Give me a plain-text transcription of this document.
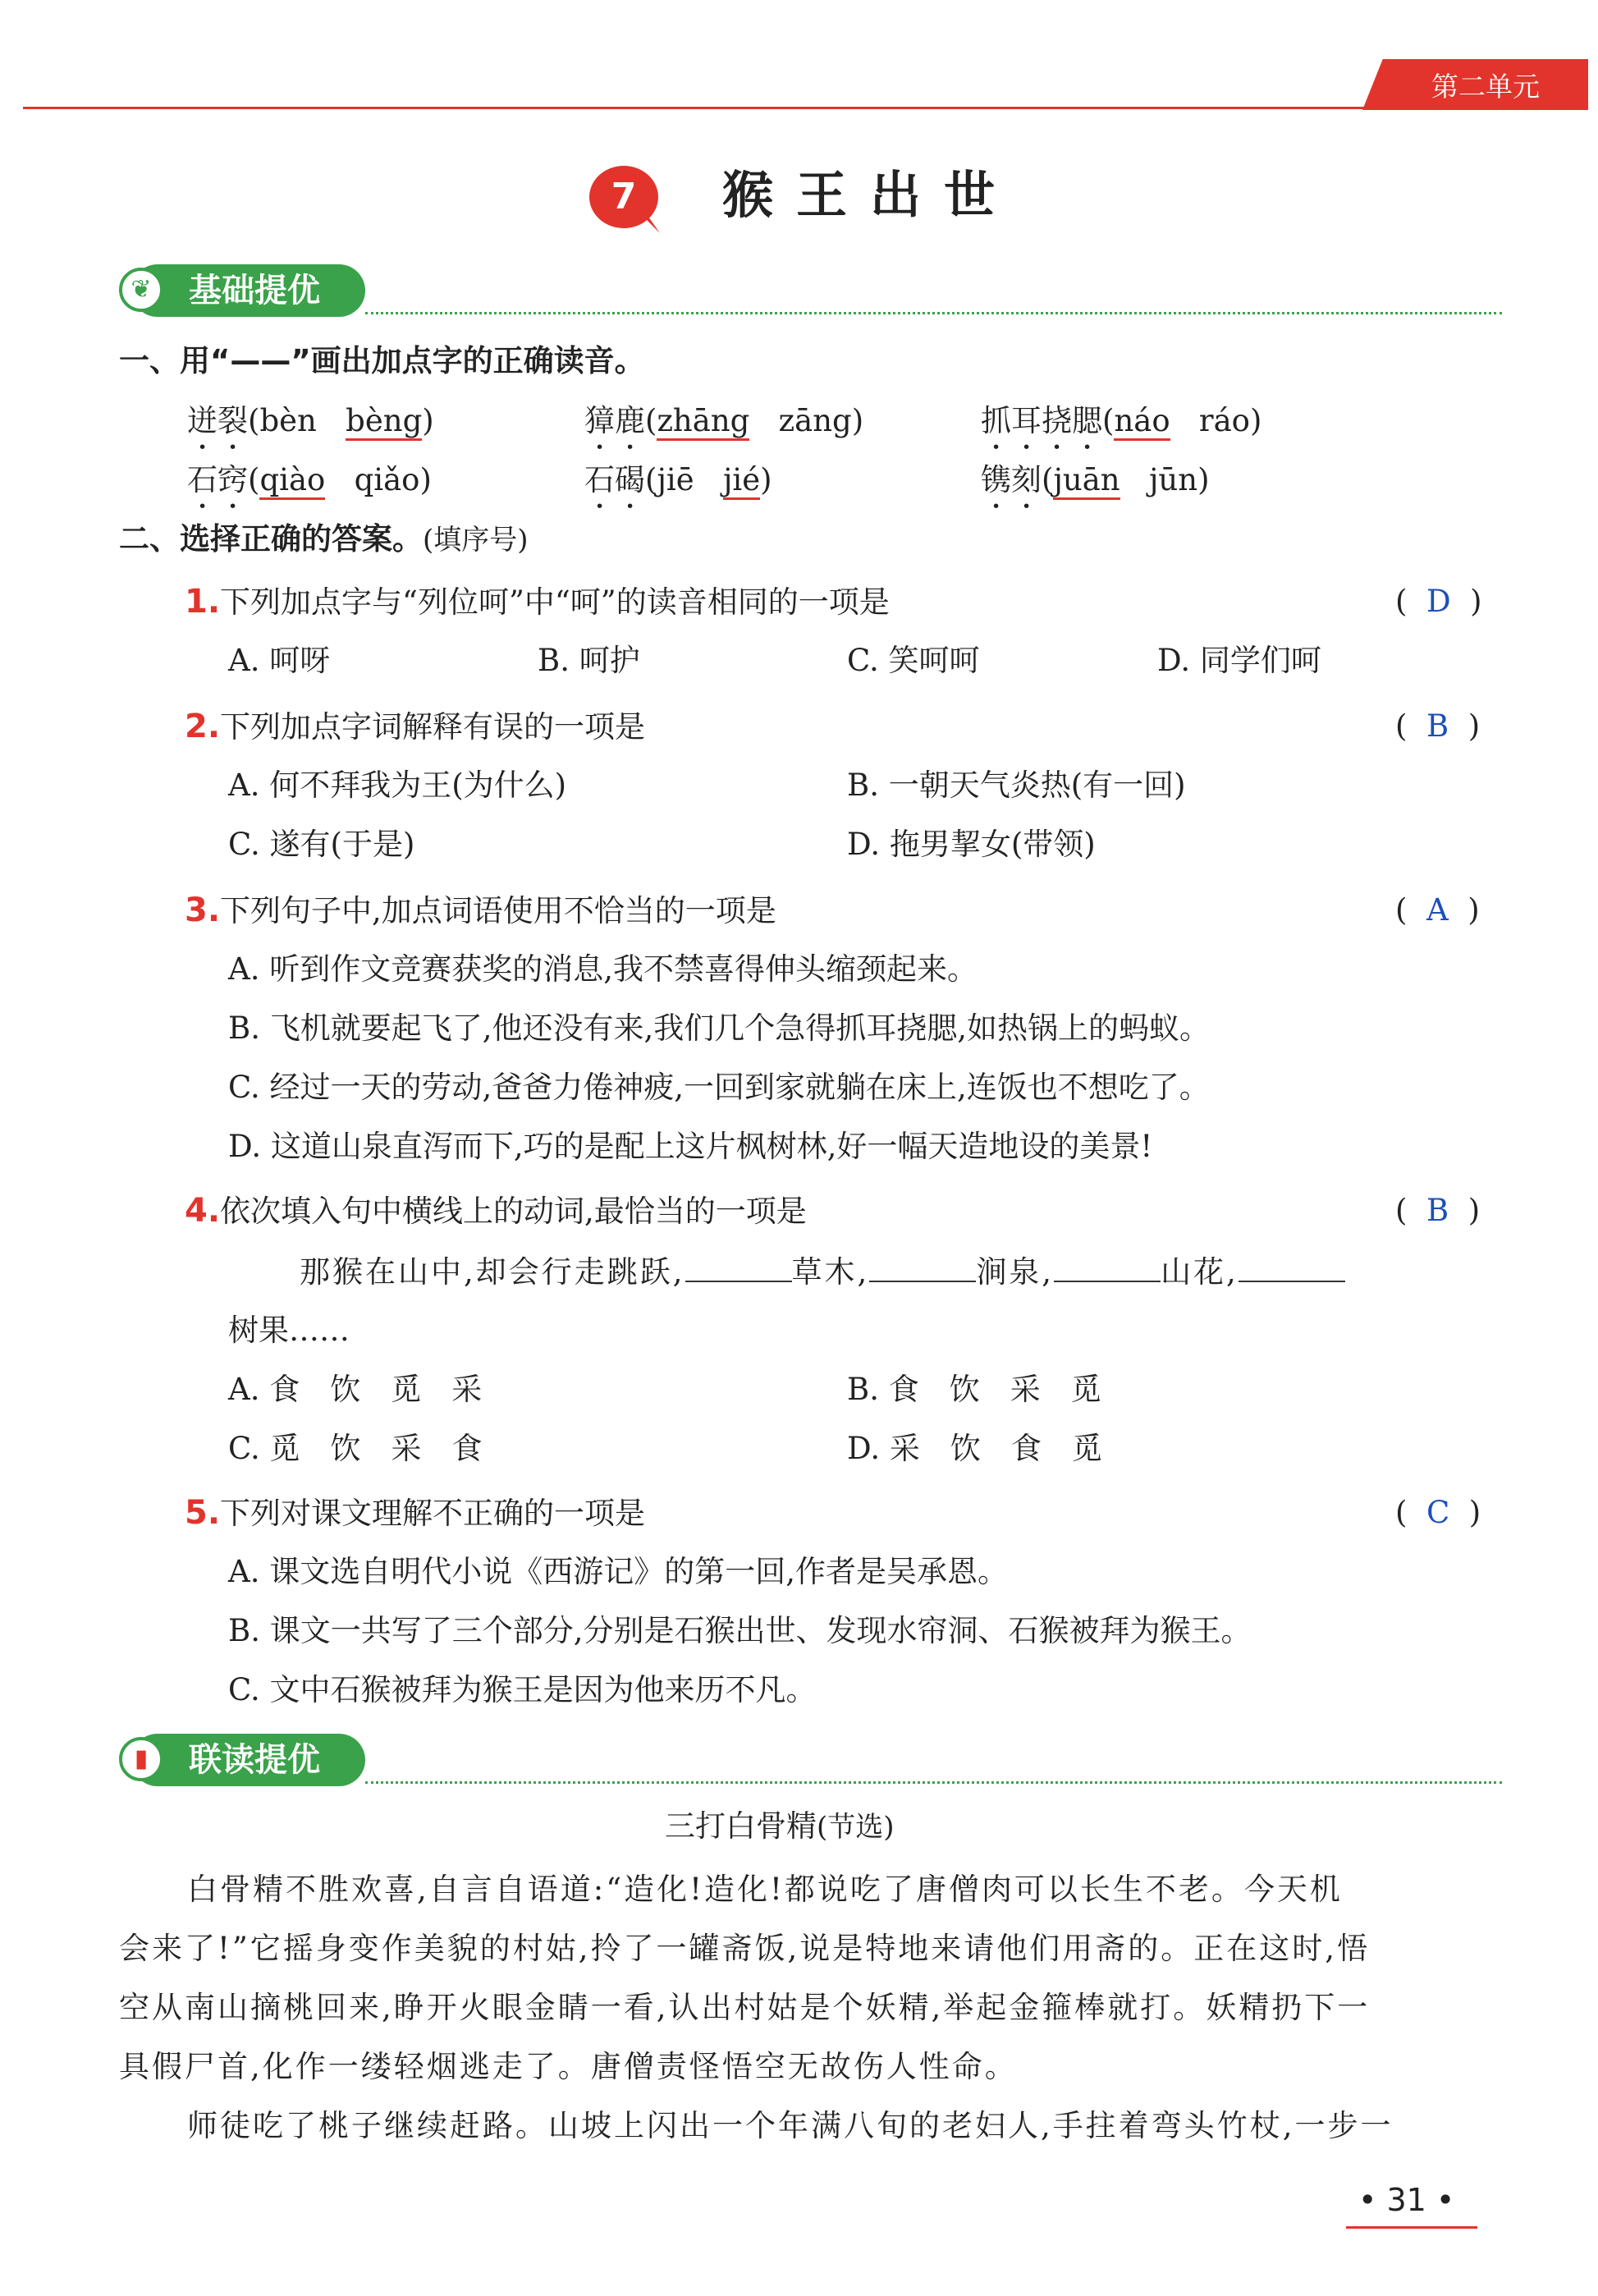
第二单元
7	猴王出世
基础提优
❦
一、用“——”画出加点字的正确读音。
迸裂(bèn bèng)	獐鹿(zhāng zāng)	抓耳挠腮(náo ráo)
石窍(qiào qiǎo)	石碣(jiē jié)	镌刻(juān jūn)
二、选择正确的答案。(填序号)
1.下列加点字与“列位呵”中“呵”的读音相同的一项是	(  D  )
A. 呵呀	B. 呵护	C. 笑呵呵	D. 同学们呵
2.下列加点字词解释有误的一项是	(  B  )
A. 何不拜我为王(为什么)	B. 一朝天气炎热(有一回)
C. 遂有(于是)	D. 拖男挈女(带领)
3.下列句子中,加点词语使用不恰当的一项是	(  A  )
A. 听到作文竞赛获奖的消息,我不禁喜得伸头缩颈起来。
B. 飞机就要起飞了,他还没有来,我们几个急得抓耳挠腮,如热锅上的蚂蚁。
C. 经过一天的劳动,爸爸力倦神疲,一回到家就躺在床上,连饭也不想吃了。
D. 这道山泉直泻而下,巧的是配上这片枫树林,好一幅天造地设的美景!
4.依次填入句中横线上的动词,最恰当的一项是	(  B  )
那猴在山中,却会行走跳跃,	草木,	涧泉,	山花,
树果……
A. 食　饮　觅　采	B. 食　饮　采　觅
C. 觅　饮　采　食	D. 采　饮　食　觅
5.下列对课文理解不正确的一项是	(  C  )
A. 课文选自明代小说《西游记》的第一回,作者是吴承恩。
B. 课文一共写了三个部分,分别是石猴出世、发现水帘洞、石猴被拜为猴王。
C. 文中石猴被拜为猴王是因为他来历不凡。
联读提优
▮
三打白骨精(节选)
白骨精不胜欢喜,自言自语道:“造化!造化!都说吃了唐僧肉可以长生不老。今天机
会来了!”它摇身变作美貌的村姑,拎了一罐斋饭,说是特地来请他们用斋的。正在这时,悟
空从南山摘桃回来,睁开火眼金睛一看,认出村姑是个妖精,举起金箍棒就打。妖精扔下一
具假尸首,化作一缕轻烟逃走了。唐僧责怪悟空无故伤人性命。
师徒吃了桃子继续赶路。山坡上闪出一个年满八旬的老妇人,手拄着弯头竹杖,一步一
• 31 •
